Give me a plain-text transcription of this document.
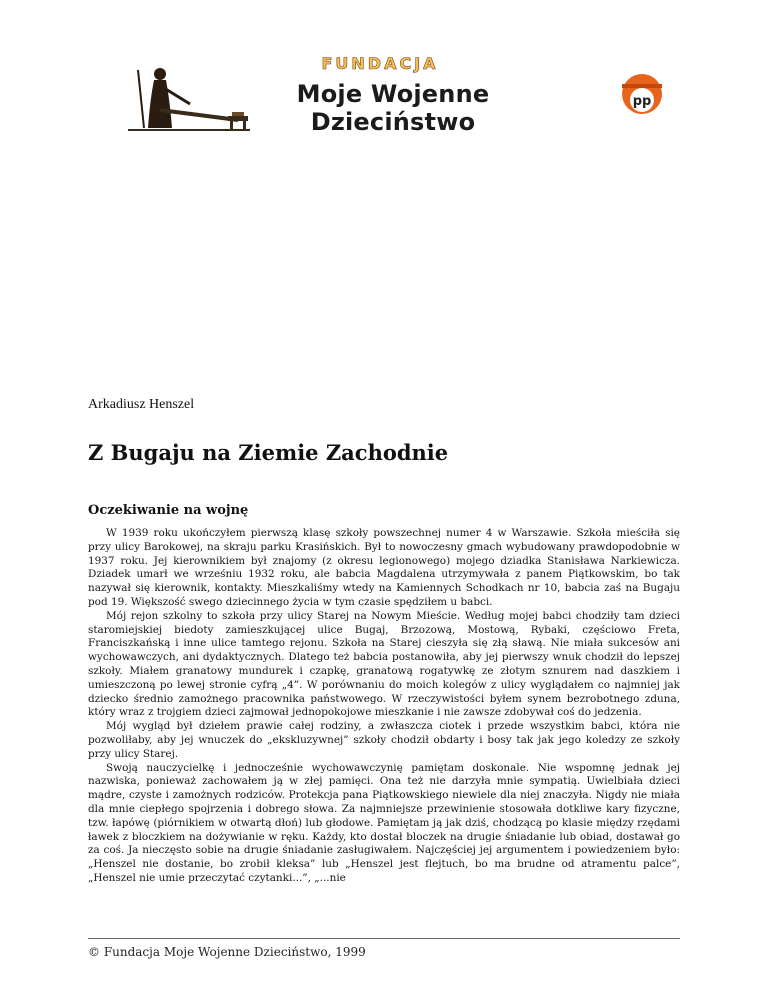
FUNDACJA
Moje Wojenne Dzieciństwo
pp
Arkadiusz Henszel
Z Bugaju na Ziemie Zachodnie
Oczekiwanie na wojnę

W 1939 roku ukończyłem pierwszą klasę szkoły powszechnej numer 4 w Warszawie. Szkoła mieściła się przy ulicy Barokowej, na skraju parku Krasińskich. Był to nowoczesny gmach wybudowany prawdopodobnie w 1937 roku. Jej kierownikiem był znajomy (z okresu legionowego) mojego dziadka Stanisława Narkiewicza. Dziadek umarł we wrześniu 1932 roku, ale babcia Magdalena utrzymywała z panem Piątkowskim, bo tak nazywał się kierownik, kontakty. Mieszkaliśmy wtedy na Kamiennych Schodkach nr 10, babcia zaś na Bugaju pod 19. Większość swego dziecinnego życia w tym czasie spędziłem u babci.

Mój rejon szkolny to szkoła przy ulicy Starej na Nowym Mieście. Według mojej babci chodziły tam dzieci staromiejskiej biedoty zamieszkującej ulice Bugaj, Brzozową, Mostową, Rybaki, częściowo Freta, Franciszkańską i inne ulice tamtego rejonu. Szkoła na Starej cieszyła się złą sławą. Nie miała sukcesów ani wychowawczych, ani dydaktycznych. Dlatego też babcia postanowiła, aby jej pierwszy wnuk chodził do lepszej szkoły. Miałem granatowy mundurek i czapkę, granatową rogatywkę ze złotym sznurem nad daszkiem i umieszczoną po lewej stronie cyfrą „4”. W porównaniu do moich kolegów z ulicy wyglądałem co najmniej jak dziecko średnio zamożnego pracownika państwowego. W rzeczywistości byłem synem bezrobotnego zduna, który wraz z trojgiem dzieci zajmował jednopokojowe mieszkanie i nie zawsze zdobywał coś do jedzenia.

Mój wygląd był dziełem prawie całej rodziny, a zwłaszcza ciotek i przede wszystkim babci, która nie pozwoliłaby, aby jej wnuczek do „ekskluzywnej” szkoły chodził obdarty i bosy tak jak jego koledzy ze szkoły przy ulicy Starej.

Swoją nauczycielkę i jednocześnie wychowawczynię pamiętam doskonale. Nie wspomnę jednak jej nazwiska, ponieważ zachowałem ją w złej pamięci. Ona też nie darzyła mnie sympatią. Uwielbiała dzieci mądre, czyste i zamożnych rodziców. Protekcja pana Piątkowskiego niewiele dla niej znaczyła. Nigdy nie miała dla mnie ciepłego spojrzenia i dobrego słowa. Za najmniejsze przewinienie stosowała dotkliwe kary fizyczne, tzw. łapówę (piórnikiem w otwartą dłoń) lub głodowe. Pamiętam ją jak dziś, chodzącą po klasie między rzędami ławek z bloczkiem na dożywianie w ręku. Każdy, kto dostał bloczek na drugie śniadanie lub obiad, dostawał go za coś. Ja nieczęsto sobie na drugie śniadanie zasługiwałem. Najczęściej jej argumentem i powiedzeniem było: „Henszel nie dostanie, bo zrobił kleksa” lub „Henszel jest flejtuch, bo ma brudne od atramentu palce”, „Henszel nie umie przeczytać czytanki...”, „...nie

© Fundacja Moje Wojenne Dzieciństwo, 1999
